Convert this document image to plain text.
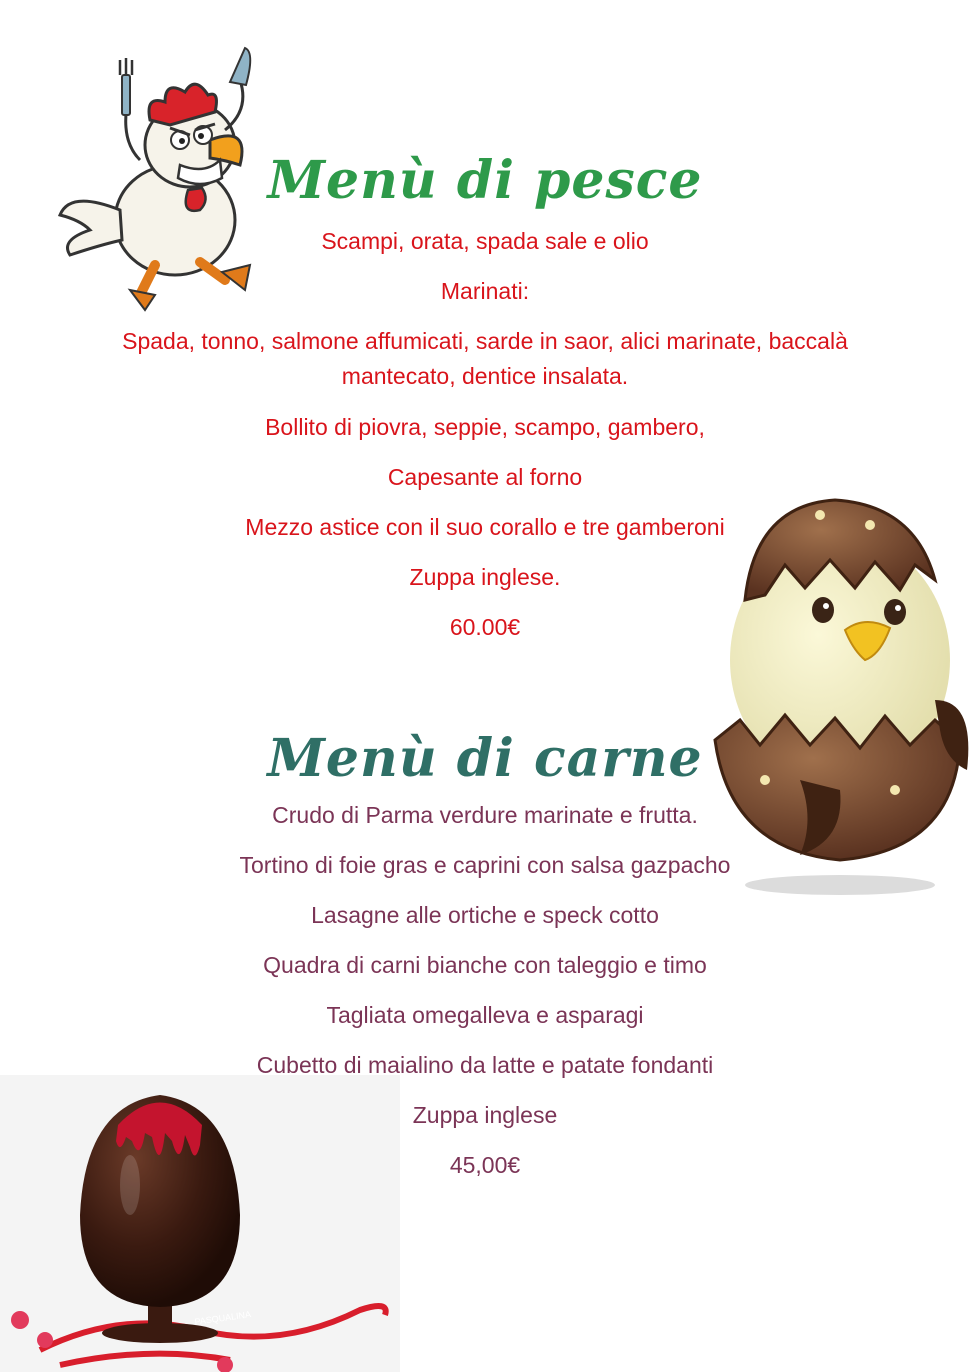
PASQUALINA
Menù di pesce
Scampi, orata, spada sale e olio
Marinati:
Spada, tonno, salmone affumicati, sarde in saor, alici marinate, baccalà mantecato, dentice insalata.
Bollito di piovra, seppie, scampo, gambero,
Capesante al forno
Mezzo astice con il suo corallo e tre gamberoni
Zuppa inglese.
60.00€
Menù di carne
Crudo di Parma verdure marinate e frutta.
Tortino di foie gras e caprini con salsa gazpacho
Lasagne alle ortiche e speck cotto
Quadra di carni bianche con taleggio e timo
Tagliata omegalleva e asparagi
Cubetto di maialino da latte e patate fondanti
Zuppa inglese
45,00€
